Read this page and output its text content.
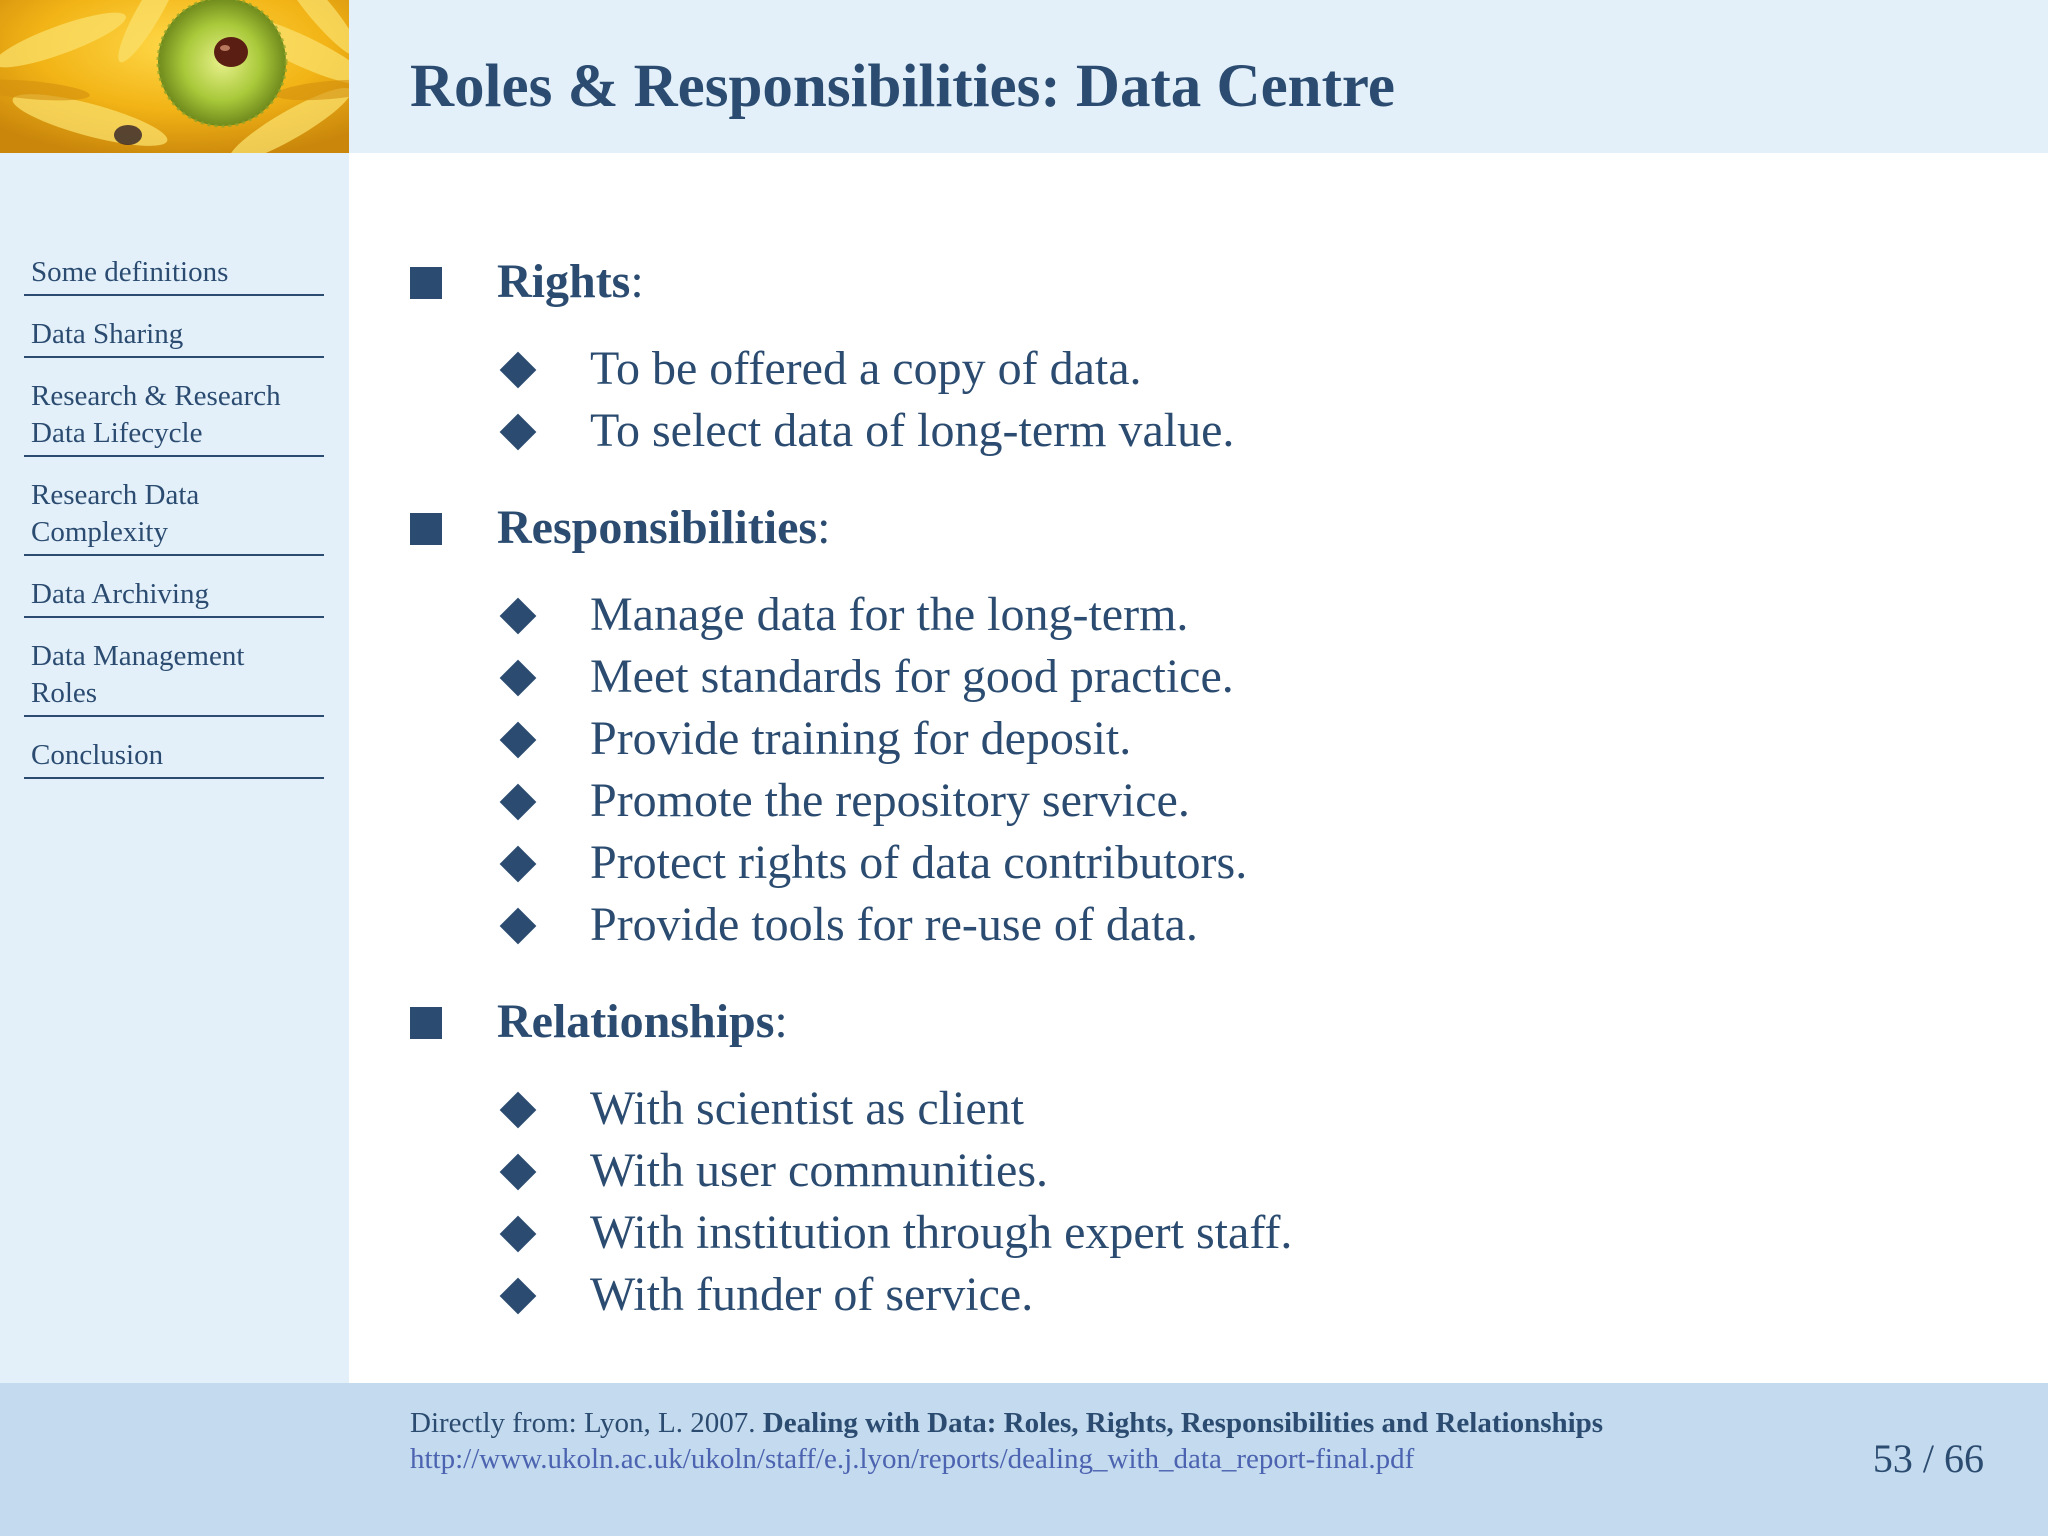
Roles & Responsibilities: Data Centre
Some definitions
Data Sharing
Research & Research
Data Lifecycle
Research Data
Complexity
Data Archiving
Data Management
Roles
Conclusion
Rights:
To be offered a copy of data.
To select data of long-term value.
Responsibilities:
Manage data for the long-term.
Meet standards for good practice.
Provide training for deposit.
Promote the repository service.
Protect rights of data contributors.
Provide tools for re-use of data.
Relationships:
With scientist as client
With user communities.
With institution through expert staff.
With funder of service.
Directly from: Lyon, L. 2007. Dealing with Data: Roles, Rights, Responsibilities and Relationships
http://www.ukoln.ac.uk/ukoln/staff/e.j.lyon/reports/dealing_with_data_report-final.pdf	53 / 66
